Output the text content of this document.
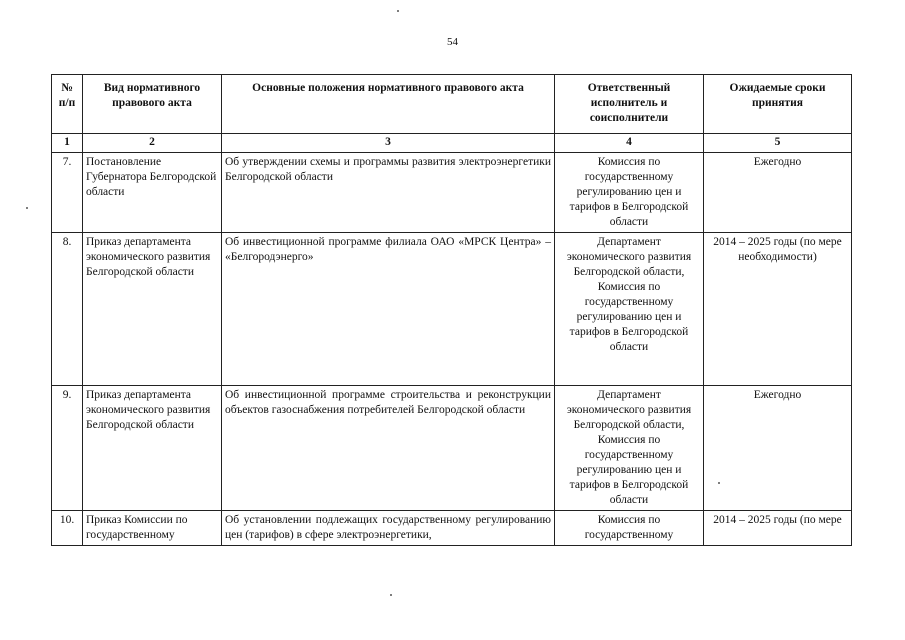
54
№ п/п	Вид нормативного правового акта	Основные положения нормативного правового акта	Ответственный исполнитель и соисполнители	Ожидаемые сроки принятия
1	2	3	4	5
7.	Постановление Губернатора Белгородской области	Об утверждении схемы и программы развития электроэнергетики Белгородской области	Комиссия по государственному регулированию цен и тарифов в Белгородской области	Ежегодно
8.	Приказ департамента экономического развития Белгородской области	Об инвестиционной программе филиала ОАО «МРСК Центра» – «Белгородэнерго»	Департамент экономического развития Белгородской области, Комиссия по государственному регулированию цен и тарифов в Белгородской области	2014 – 2025 годы (по мере необходимости)
9.	Приказ департамента экономического развития Белгородской области	Об инвестиционной программе строительства и реконструкции объектов газоснабжения потребителей Белгородской области	Департамент экономического развития Белгородской области, Комиссия по государственному регулированию цен и тарифов в Белгородской области	Ежегодно
10.	Приказ Комиссии по государственному	Об установлении подлежащих государственному регулированию цен (тарифов) в сфере электроэнергетики,	Комиссия по государственному	2014 – 2025 годы (по мере
